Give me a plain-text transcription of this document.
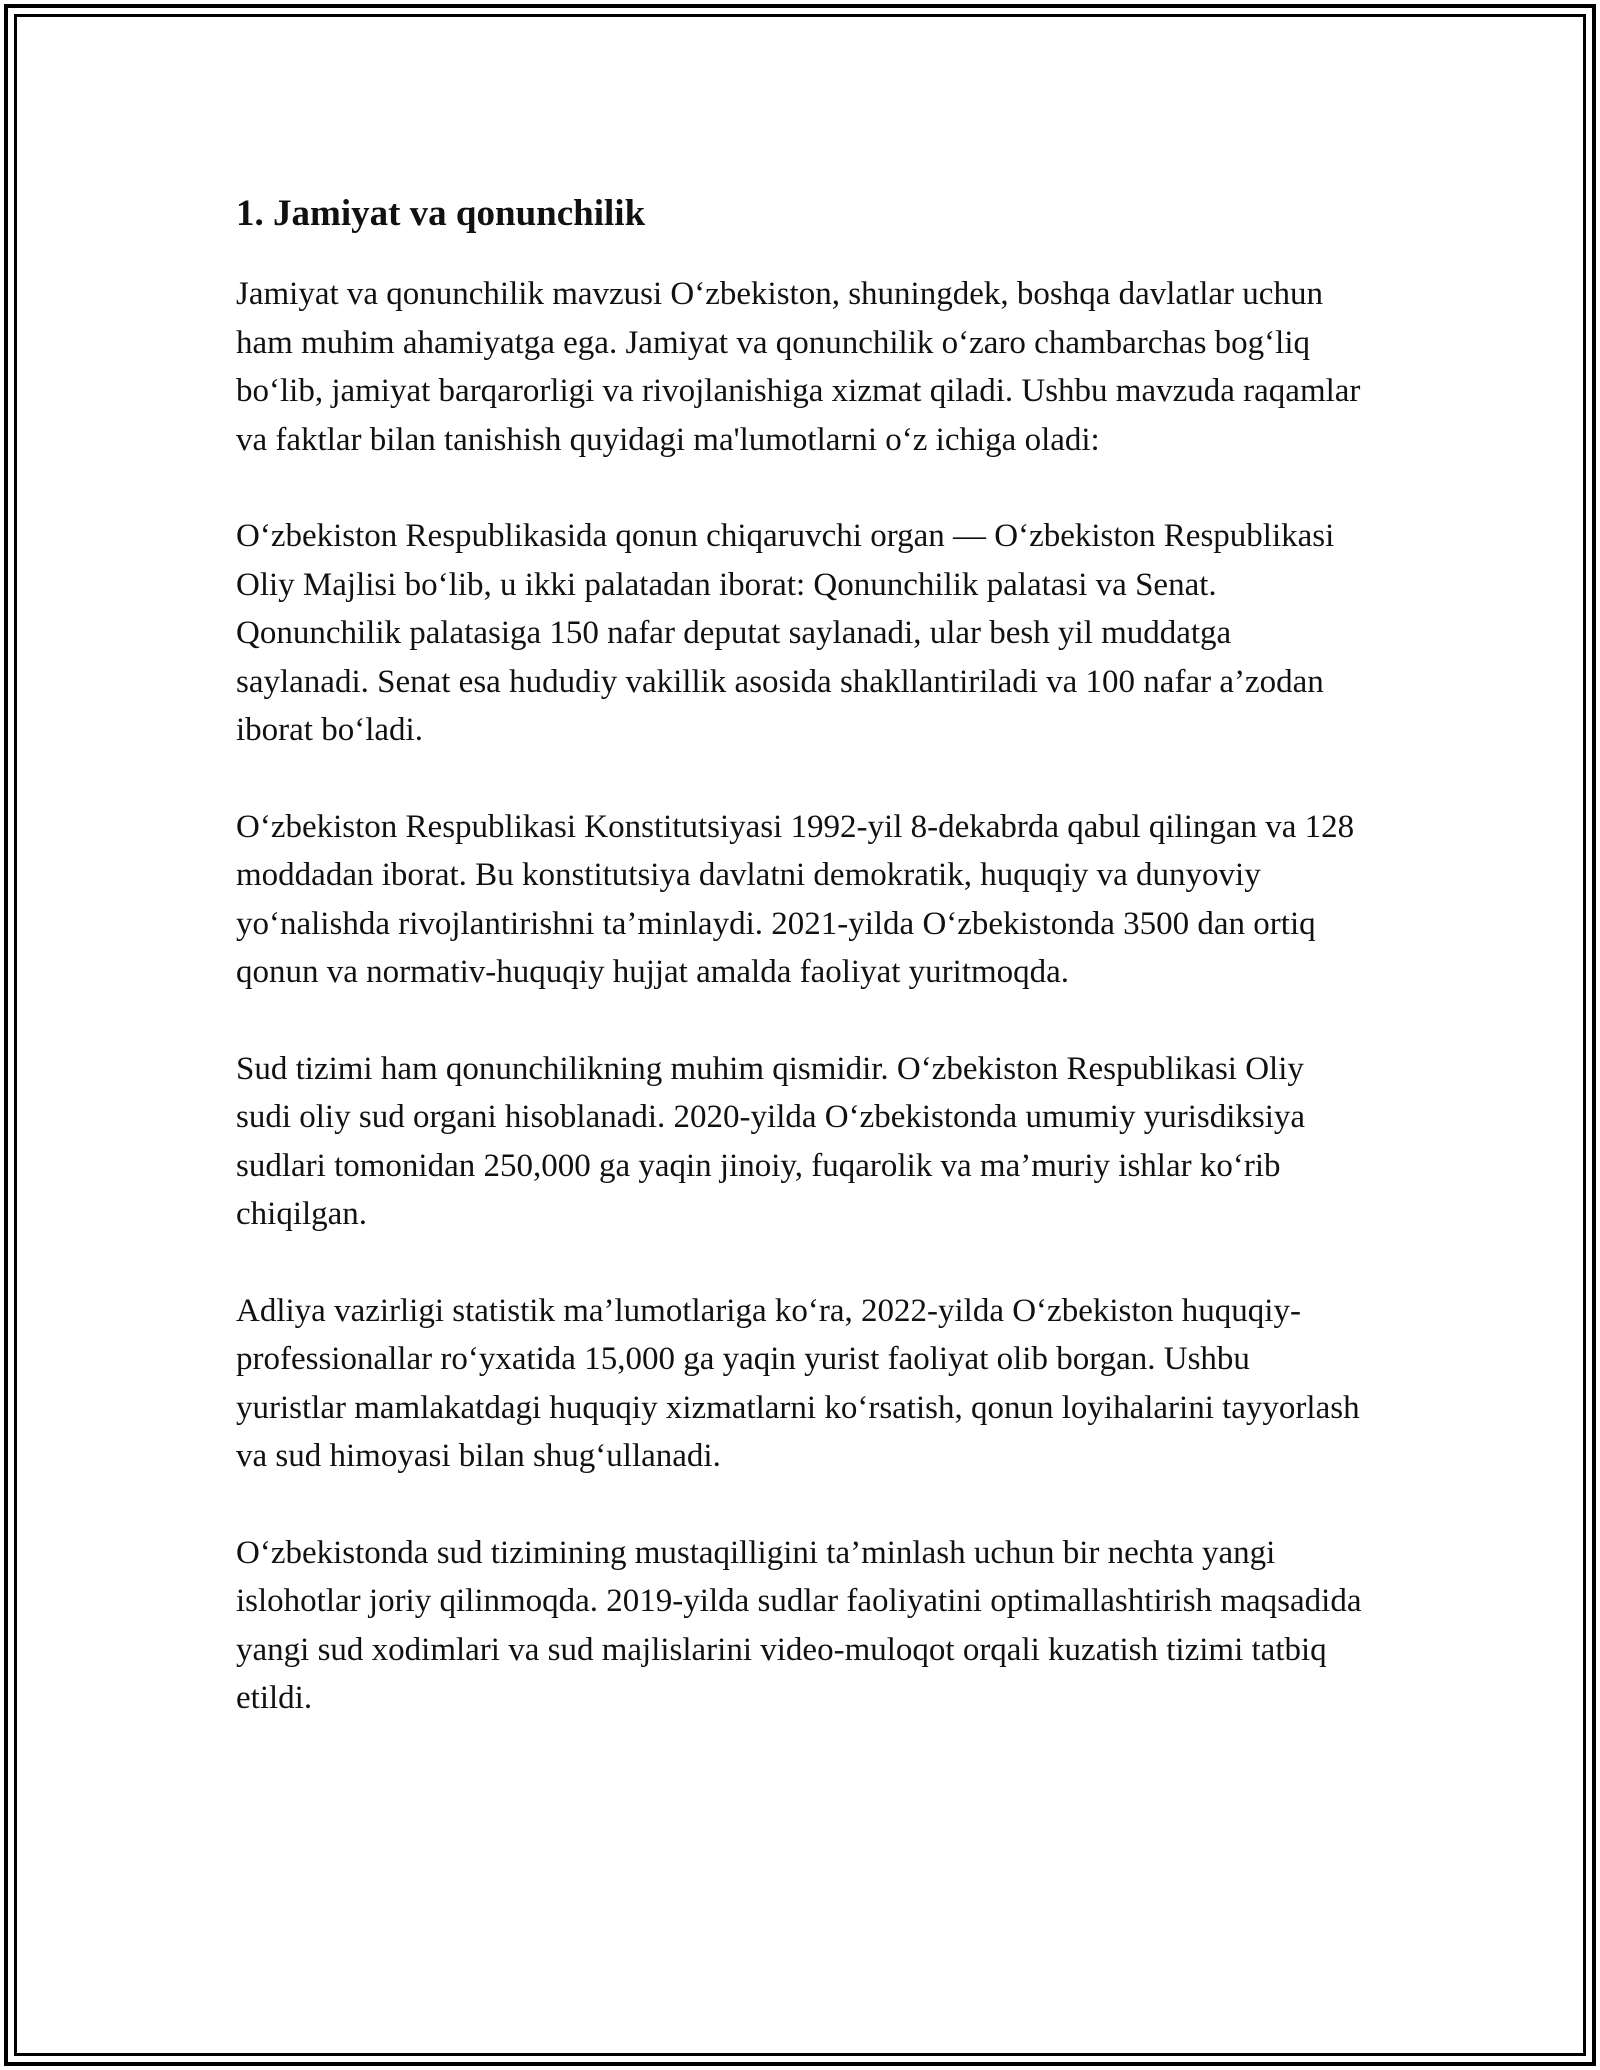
1. Jamiyat va qonunchilik

Jamiyat va qonunchilik mavzusi O‘zbekiston, shuningdek, boshqa davlatlar uchun ham muhim ahamiyatga ega. Jamiyat va qonunchilik o‘zaro chambarchas bog‘liq bo‘lib, jamiyat barqarorligi va rivojlanishiga xizmat qiladi. Ushbu mavzuda raqamlar va faktlar bilan tanishish quyidagi ma'lumotlarni o‘z ichiga oladi:

O‘zbekiston Respublikasida qonun chiqaruvchi organ — O‘zbekiston Respublikasi Oliy Majlisi bo‘lib, u ikki palatadan iborat: Qonunchilik palatasi va Senat. Qonunchilik palatasiga 150 nafar deputat saylanadi, ular besh yil muddatga saylanadi. Senat esa hududiy vakillik asosida shakllantiriladi va 100 nafar a’zodan iborat bo‘ladi.

O‘zbekiston Respublikasi Konstitutsiyasi 1992-yil 8-dekabrda qabul qilingan va 128 moddadan iborat. Bu konstitutsiya davlatni demokratik, huquqiy va dunyoviy yo‘nalishda rivojlantirishni ta’minlaydi. 2021-yilda O‘zbekistonda 3500 dan ortiq qonun va normativ-huquqiy hujjat amalda faoliyat yuritmoqda.

Sud tizimi ham qonunchilikning muhim qismidir. O‘zbekiston Respublikasi Oliy sudi oliy sud organi hisoblanadi. 2020-yilda O‘zbekistonda umumiy yurisdiksiya sudlari tomonidan 250,000 ga yaqin jinoiy, fuqarolik va ma’muriy ishlar ko‘rib chiqilgan.

Adliya vazirligi statistik ma’lumotlariga ko‘ra, 2022-yilda O‘zbekiston huquqiy-professionallar ro‘yxatida 15,000 ga yaqin yurist faoliyat olib borgan. Ushbu yuristlar mamlakatdagi huquqiy xizmatlarni ko‘rsatish, qonun loyihalarini tayyorlash va sud himoyasi bilan shug‘ullanadi.

O‘zbekistonda sud tizimining mustaqilligini ta’minlash uchun bir nechta yangi islohotlar joriy qilinmoqda. 2019-yilda sudlar faoliyatini optimallashtirish maqsadida yangi sud xodimlari va sud majlislarini video-muloqot orqali kuzatish tizimi tatbiq etildi.
